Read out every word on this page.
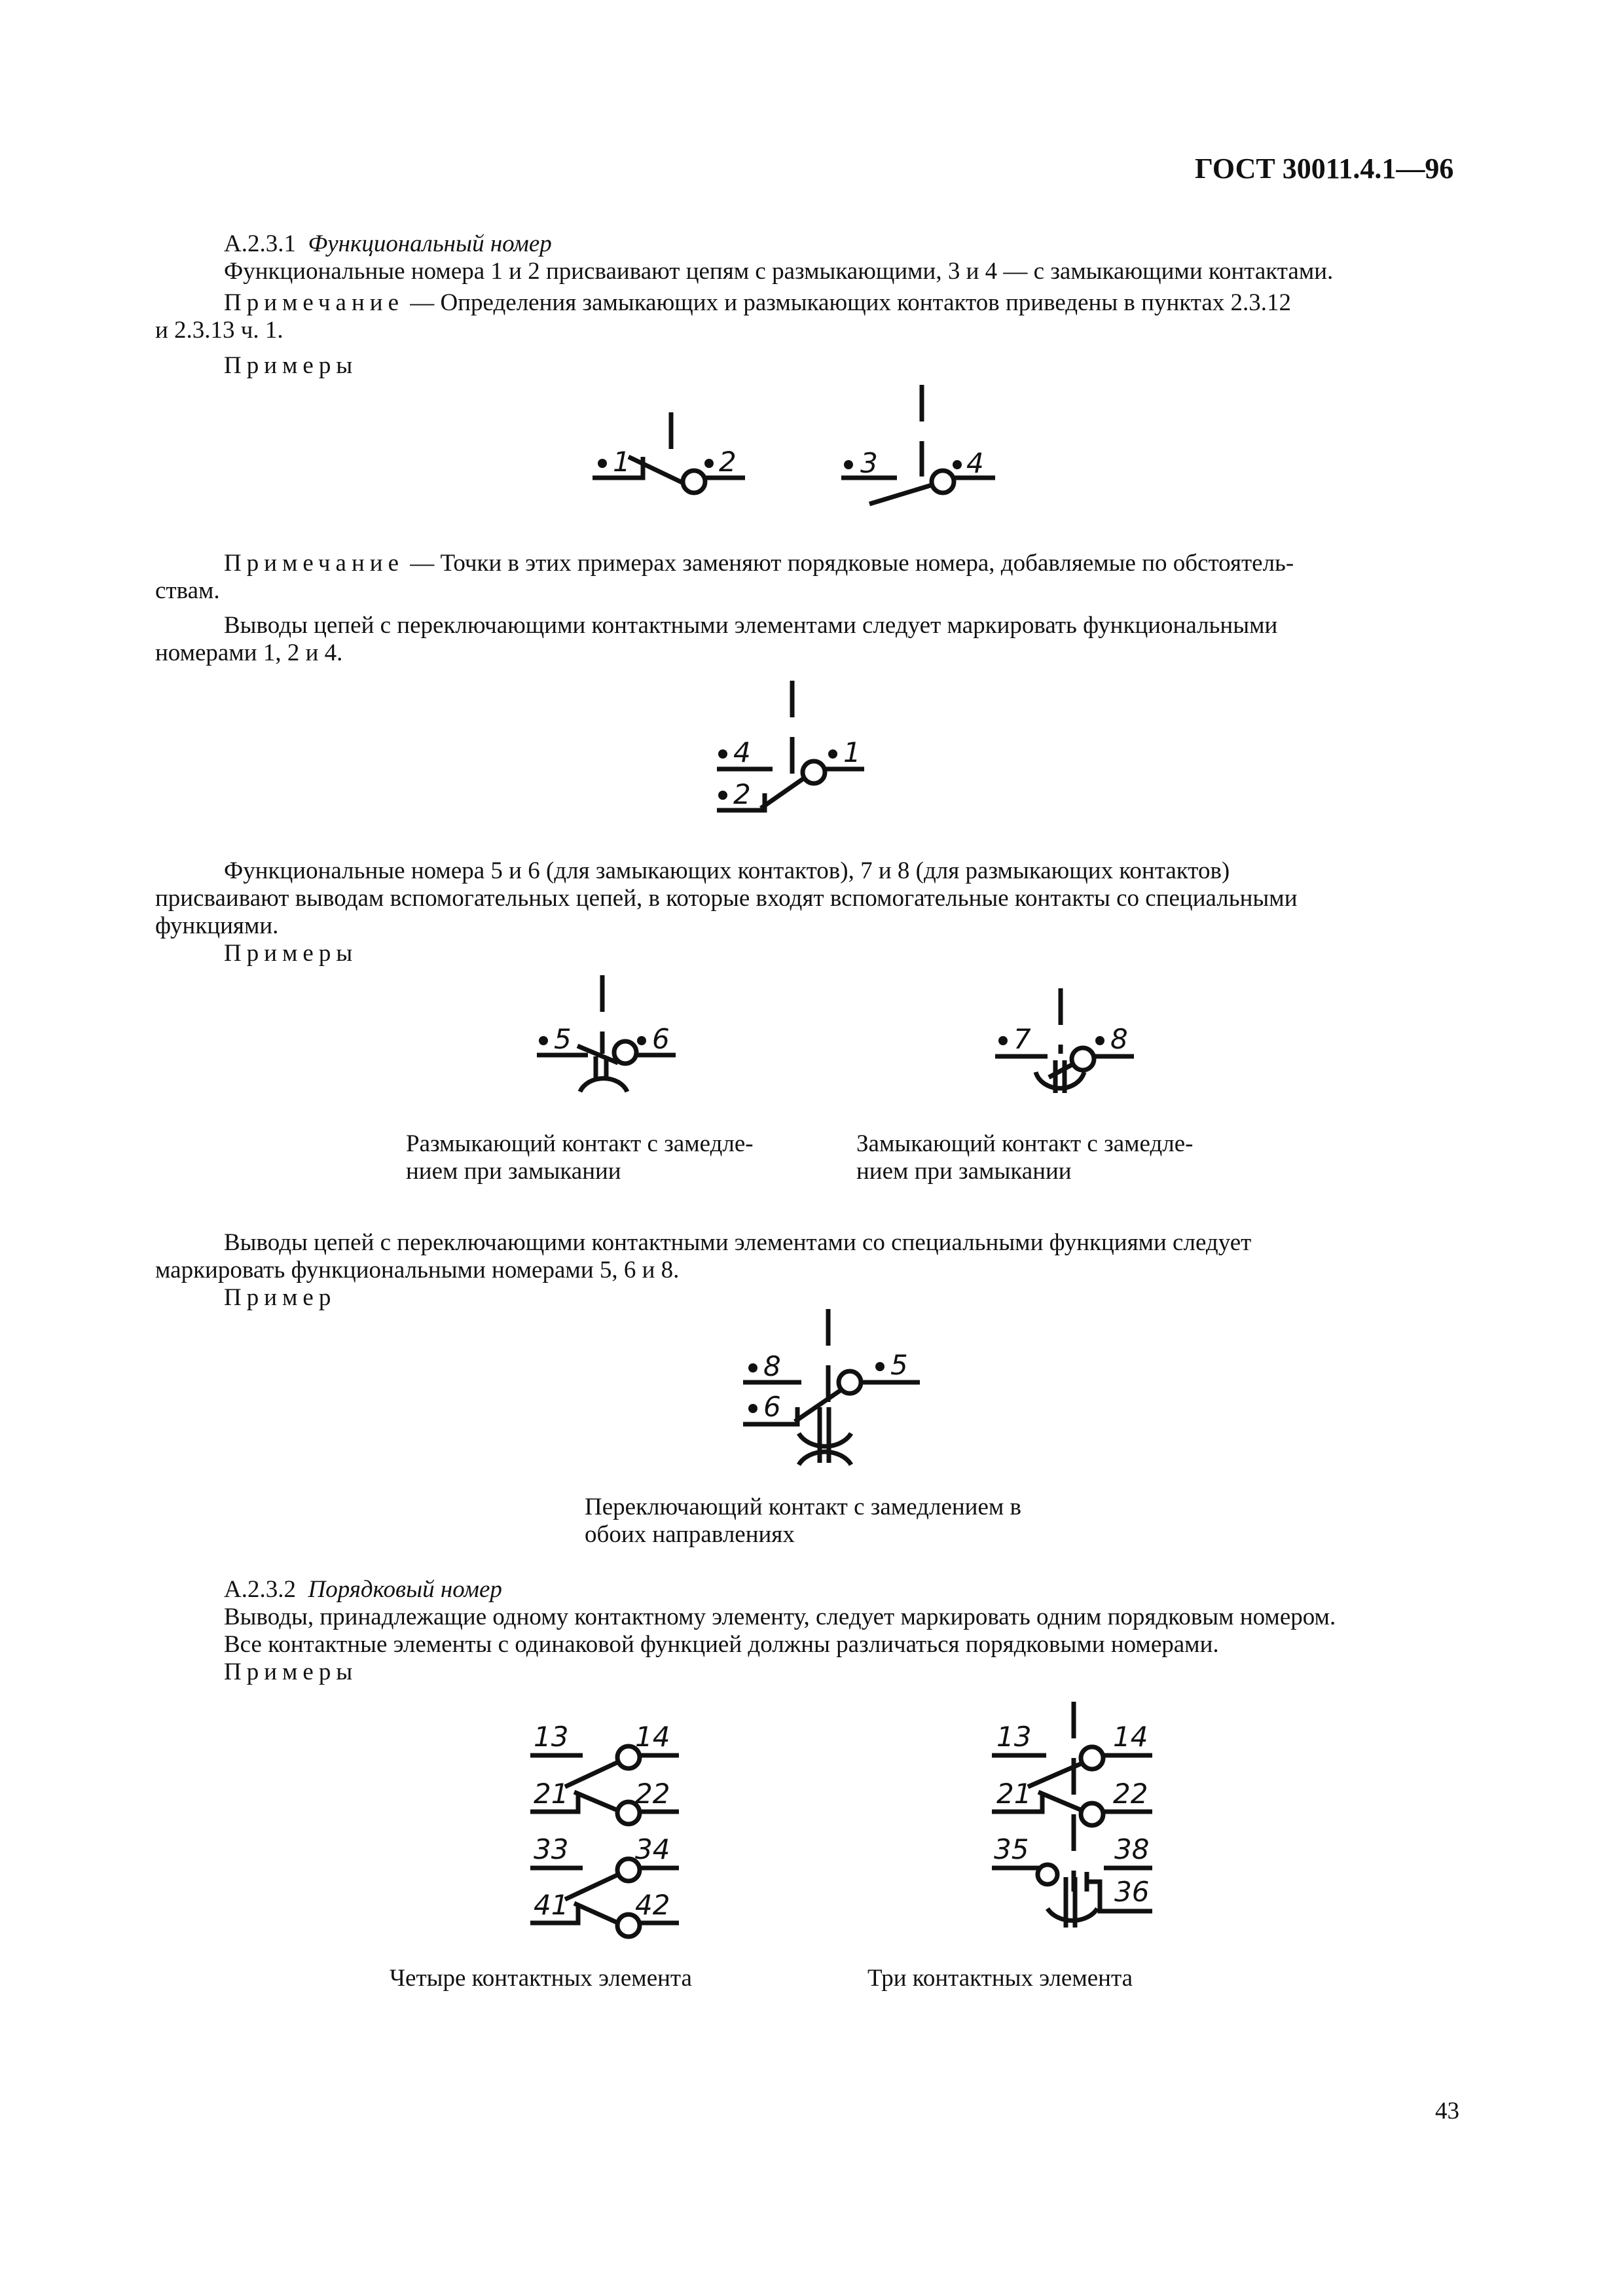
ГОСТ 30011.4.1—96
А.2.3.1 Функциональный номер
Функциональные номера 1 и 2 присваивают цепям с размыкающими, 3 и 4 — с замыкающими контактами.
Примечание — Определения замыкающих и размыкающих контактов приведены в пунктах 2.3.12
и 2.3.13 ч. 1.
Примеры
1	2	3	4
Примечание — Точки в этих примерах заменяют порядковые номера, добавляемые по обстоятель-
ствам.
Выводы цепей с переключающими контактными элементами следует маркировать функциональными
номерами 1, 2 и 4.
4
2
1
Функциональные номера 5 и 6 (для замыкающих контактов), 7 и 8 (для размыкающих контактов)
присваивают выводам вспомогательных цепей, в которые входят вспомогательные контакты со специальными
функциями.
Примеры
5	6	7	8
Размыкающий контакт с замедле-
нием при замыкании
Замыкающий контакт с замедле-
нием при замыкании
Выводы цепей с переключающими контактными элементами со специальными функциями следует
маркировать функциональными номерами 5, 6 и 8.
Пример
8
6
5
Переключающий контакт с замедлением в
обоих направлениях
А.2.3.2 Порядковый номер
Выводы, принадлежащие одному контактному элементу, следует маркировать одним порядковым номером.
Все контактные элементы с одинаковой функцией должны различаться порядковыми номерами.
Примеры
13 14
21 22
33 34
41 42
13	14
21	22
35	38
36
Четыре контактных элемента	Три контактных элемента
43
